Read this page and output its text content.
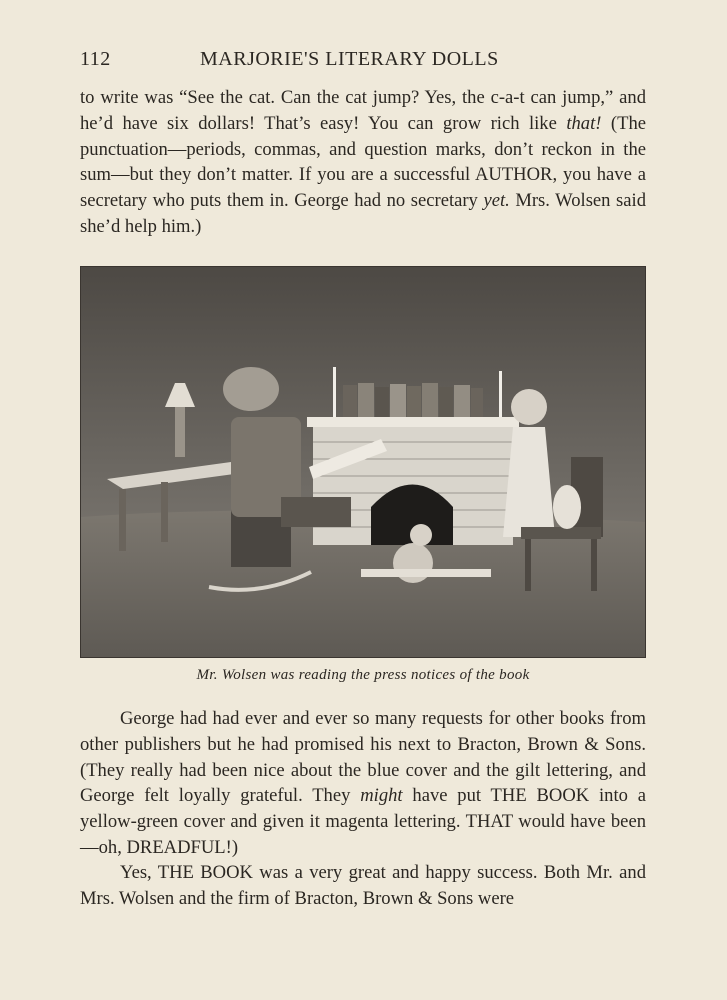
112	MARJORIE'S LITERARY DOLLS

to write was “See the cat. Can the cat jump? Yes, the c-a-t can jump,” and he’d have six dollars! That’s easy! You can grow rich like that! (The punctuation—periods, commas, and question marks, don’t reckon in the sum—but they don’t matter. If you are a successful AUTHOR, you have a secretary who puts them in. George had no secretary yet. Mrs. Wolsen said she’d help him.)

Mr. Wolsen was reading the press notices of the book

George had had ever and ever so many requests for other books from other publishers but he had promised his next to Bracton, Brown & Sons. (They really had been nice about the blue cover and the gilt lettering, and George felt loyally grateful. They might have put THE BOOK into a yellow-green cover and given it magenta lettering. THAT would have been—oh, DREADFUL!)

Yes, THE BOOK was a very great and happy success. Both Mr. and Mrs. Wolsen and the firm of Bracton, Brown & Sons were
